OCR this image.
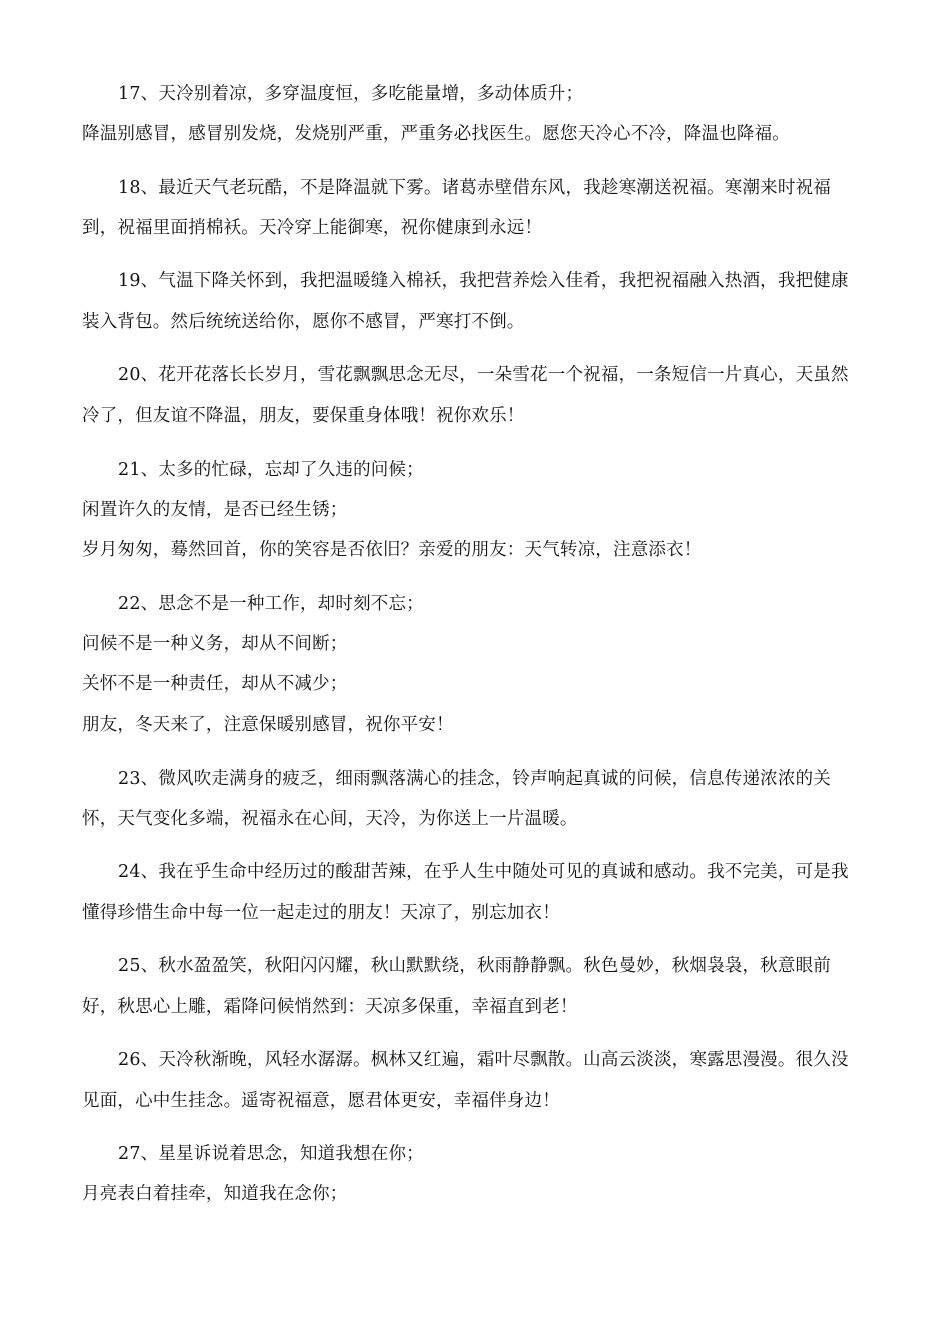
17、天冷别着凉，多穿温度恒，多吃能量增，多动体质升；
降温别感冒，感冒别发烧，发烧别严重，严重务必找医生。愿您天冷心不冷，降温也降福。
18、最近天气老玩酷，不是降温就下雾。诸葛赤壁借东风，我趁寒潮送祝福。寒潮来时祝福
到，祝福里面捎棉袄。天冷穿上能御寒，祝你健康到永远！
19、气温下降关怀到，我把温暖缝入棉袄，我把营养烩入佳肴，我把祝福融入热酒，我把健康
装入背包。然后统统送给你，愿你不感冒，严寒打不倒。
20、花开花落长长岁月，雪花飘飘思念无尽，一朵雪花一个祝福，一条短信一片真心，天虽然
冷了，但友谊不降温，朋友，要保重身体哦！祝你欢乐！
21、太多的忙碌，忘却了久违的问候；
闲置许久的友情，是否已经生锈；
岁月匆匆，蓦然回首，你的笑容是否依旧？亲爱的朋友：天气转凉，注意添衣！
22、思念不是一种工作，却时刻不忘；
问候不是一种义务，却从不间断；
关怀不是一种责任，却从不减少；
朋友，冬天来了，注意保暖别感冒，祝你平安！
23、微风吹走满身的疲乏，细雨飘落满心的挂念，铃声响起真诚的问候，信息传递浓浓的关
怀，天气变化多端，祝福永在心间，天冷，为你送上一片温暖。
24、我在乎生命中经历过的酸甜苦辣，在乎人生中随处可见的真诚和感动。我不完美，可是我
懂得珍惜生命中每一位一起走过的朋友！天凉了，别忘加衣！
25、秋水盈盈笑，秋阳闪闪耀，秋山默默绕，秋雨静静飘。秋色曼妙，秋烟袅袅，秋意眼前
好，秋思心上雕，霜降问候悄然到：天凉多保重，幸福直到老！
26、天冷秋渐晚，风轻水潺潺。枫林又红遍，霜叶尽飘散。山高云淡淡，寒露思漫漫。很久没
见面，心中生挂念。遥寄祝福意，愿君体更安，幸福伴身边！
27、星星诉说着思念，知道我想在你；
月亮表白着挂牵，知道我在念你；
